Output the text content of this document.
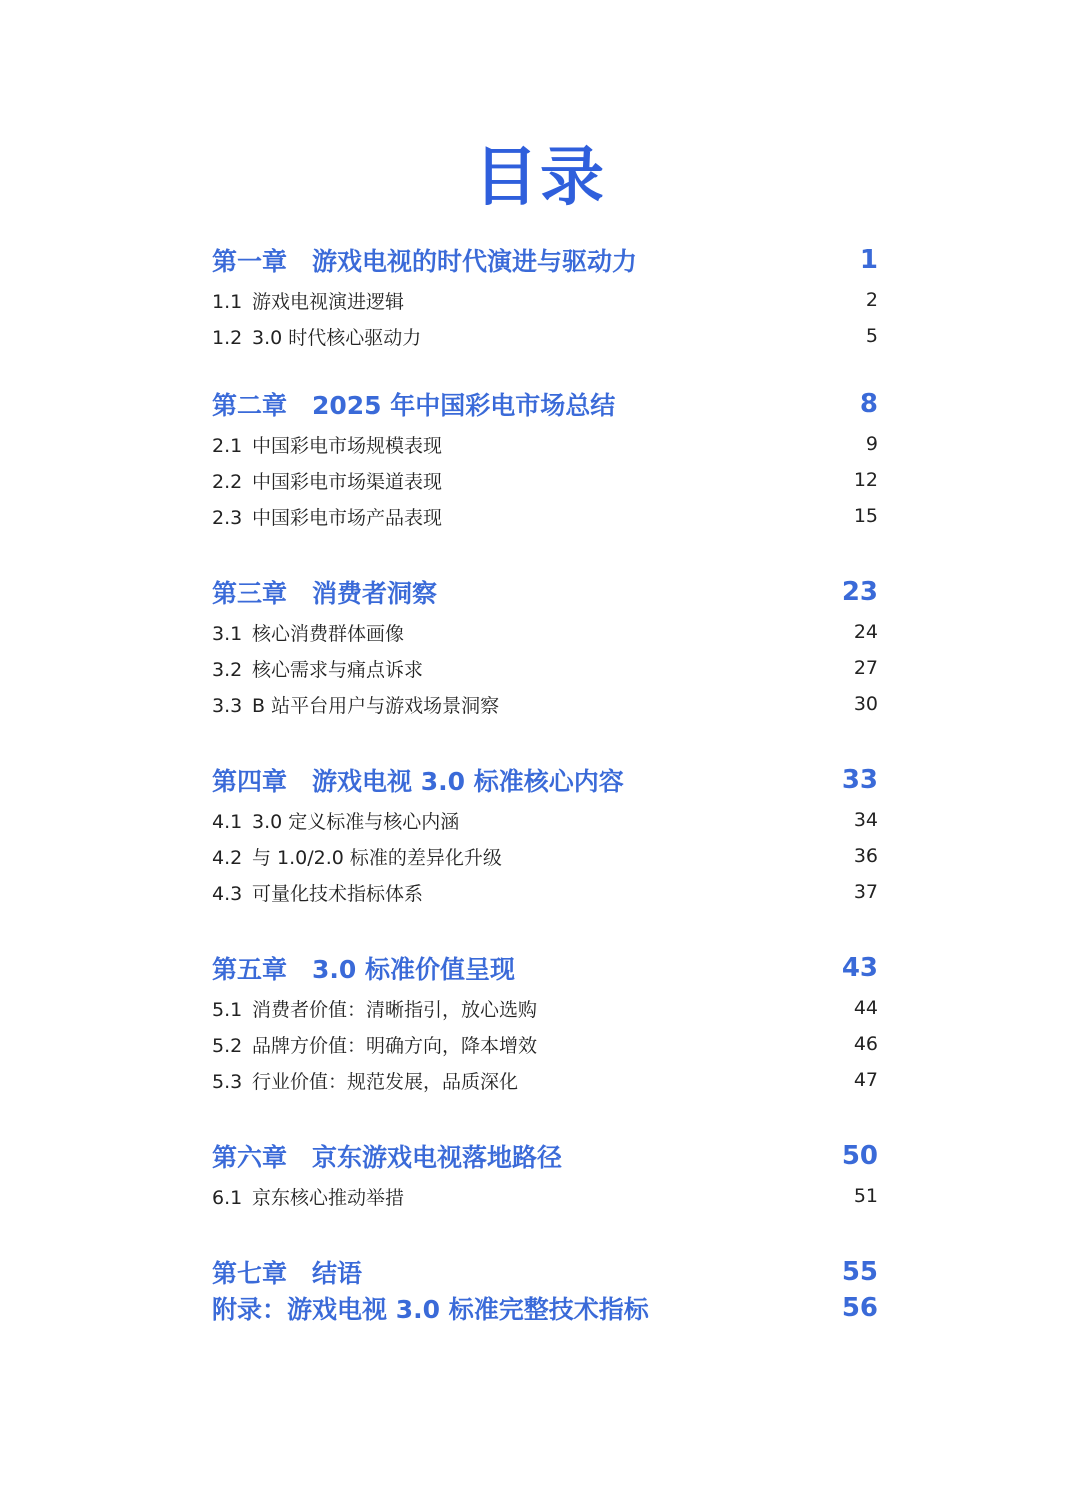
目录
第一章　游戏电视的时代演进与驱动力	1
1.1 游戏电视演进逻辑	2
1.2 3.0 时代核心驱动力	5
第二章　2025 年中国彩电市场总结	8
2.1 中国彩电市场规模表现	9
2.2 中国彩电市场渠道表现	12
2.3 中国彩电市场产品表现	15
第三章　消费者洞察	23
3.1 核心消费群体画像	24
3.2 核心需求与痛点诉求	27
3.3 B 站平台用户与游戏场景洞察	30
第四章　游戏电视 3.0 标准核心内容	33
4.1 3.0 定义标准与核心内涵	34
4.2 与 1.0/2.0 标准的差异化升级	36
4.3 可量化技术指标体系	37
第五章　3.0 标准价值呈现	43
5.1 消费者价值：清晰指引，放心选购	44
5.2 品牌方价值：明确方向，降本增效	46
5.3 行业价值：规范发展，品质深化	47
第六章　京东游戏电视落地路径	50
6.1 京东核心推动举措	51
第七章　结语	55
附录：游戏电视 3.0 标准完整技术指标	56
